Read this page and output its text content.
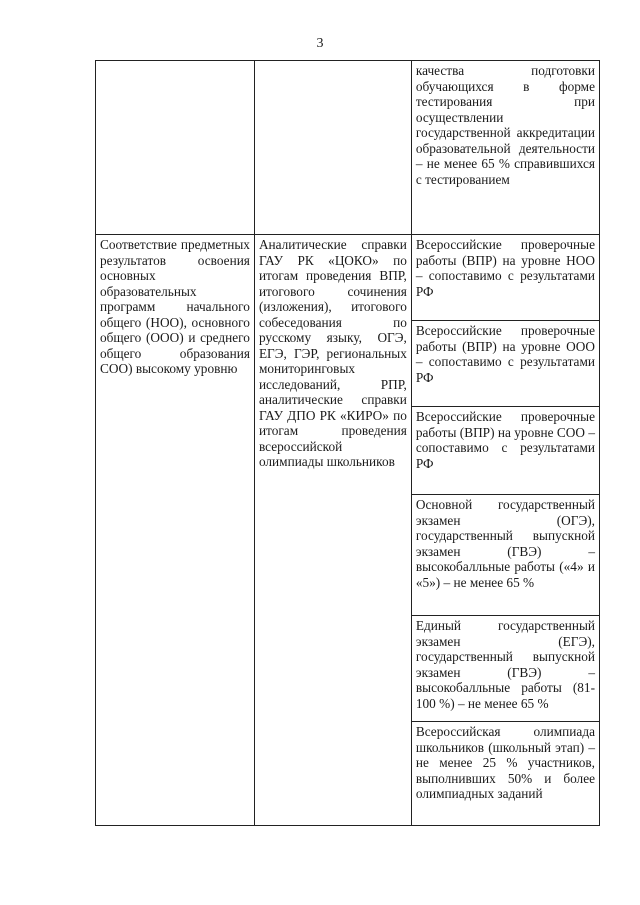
3

		качества подготовки обучающихся в форме тестирования при осуществлении государственной аккредитации образовательной деятельности – не менее 65 % справившихся с тестированием

Соответствие предметных результатов освоения основных образовательных программ начального общего (НОО), основного общего (ООО) и среднего общего образования СОО) высокому уровню	Аналитические справки ГАУ РК «ЦОКО» по итогам проведения ВПР, итогового сочинения (изложения), итогового собеседования по русскому языку, ОГЭ, ЕГЭ, ГЭР, региональных мониторинговых исследований, РПР, аналитические справки ГАУ ДПО РК «КИРО» по итогам проведения всероссийской олимпиады школьников	Всероссийские проверочные работы (ВПР) на уровне НОО – сопоставимо с результатами РФ

		Всероссийские проверочные работы (ВПР) на уровне ООО – сопоставимо с результатами РФ

		Всероссийские проверочные работы (ВПР) на уровне СОО – сопоставимо с результатами РФ

		Основной государственный экзамен (ОГЭ), государственный выпускной экзамен (ГВЭ) – высокобалльные работы («4» и «5») – не менее 65 %

		Единый государственный экзамен (ЕГЭ), государственный выпускной экзамен (ГВЭ) – высокобалльные работы (81-100 %) – не менее 65 %

		Всероссийская олимпиада школьников (школьный этап) – не менее 25 % участников, выполнивших 50% и более олимпиадных заданий
